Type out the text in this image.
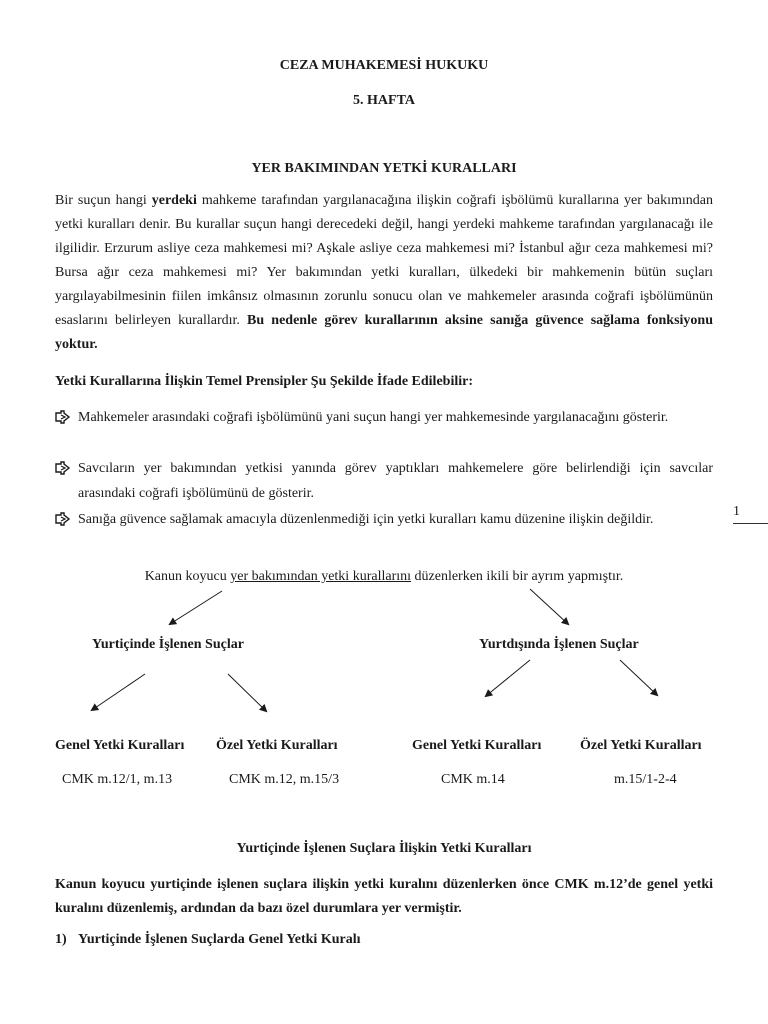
CEZA MUHAKEMESİ HUKUKU
5. HAFTA
YER BAKIMINDAN YETKİ KURALLARI
Bir suçun hangi yerdeki mahkeme tarafından yargılanacağına ilişkin coğrafi işbölümü kurallarına yer bakımından yetki kuralları denir. Bu kurallar suçun hangi derecedeki değil, hangi yerdeki mahkeme tarafından yargılanacağı ile ilgilidir. Erzurum asliye ceza mahkemesi mi? Aşkale asliye ceza mahkemesi mi? İstanbul ağır ceza mahkemesi mi? Bursa ağır ceza mahkemesi mi? Yer bakımından yetki kuralları, ülkedeki bir mahkemenin bütün suçları yargılayabilmesinin fiilen imkânsız olmasının zorunlu sonucu olan ve mahkemeler arasında coğrafi işbölümünün esaslarını belirleyen kurallardır. Bu nedenle görev kurallarının aksine sanığa güvence sağlama fonksiyonu yoktur.
Yetki Kurallarına İlişkin Temel Prensipler Şu Şekilde İfade Edilebilir:
Mahkemeler arasındaki coğrafi işbölümünü yani suçun hangi yer mahkemesinde yargılanacağını gösterir.
Savcıların yer bakımından yetkisi yanında görev yaptıkları mahkemelere göre belirlendiği için savcılar arasındaki coğrafi işbölümünü de gösterir.
Sanığa güvence sağlamak amacıyla düzenlenmediği için yetki kuralları kamu düzenine ilişkin değildir.
Kanun koyucu yer bakımından yetki kurallarını düzenlerken ikili bir ayrım yapmıştır.
Yurtiçinde İşlenen Suçlar	Yurtdışında İşlenen Suçlar
Genel Yetki Kuralları Özel Yetki Kuralları	Genel Yetki Kuralları	Özel Yetki Kuralları
CMK m.12/1, m.13	CMK m.12, m.15/3	CMK m.14	m.15/1-2-4
Yurtiçinde İşlenen Suçlara İlişkin Yetki Kuralları
Kanun koyucu yurtiçinde işlenen suçlara ilişkin yetki kuralını düzenlerken önce CMK m.12’de genel yetki kuralını düzenlemiş, ardından da bazı özel durumlara yer vermiştir.
1) Yurtiçinde İşlenen Suçlarda Genel Yetki Kuralı
1
